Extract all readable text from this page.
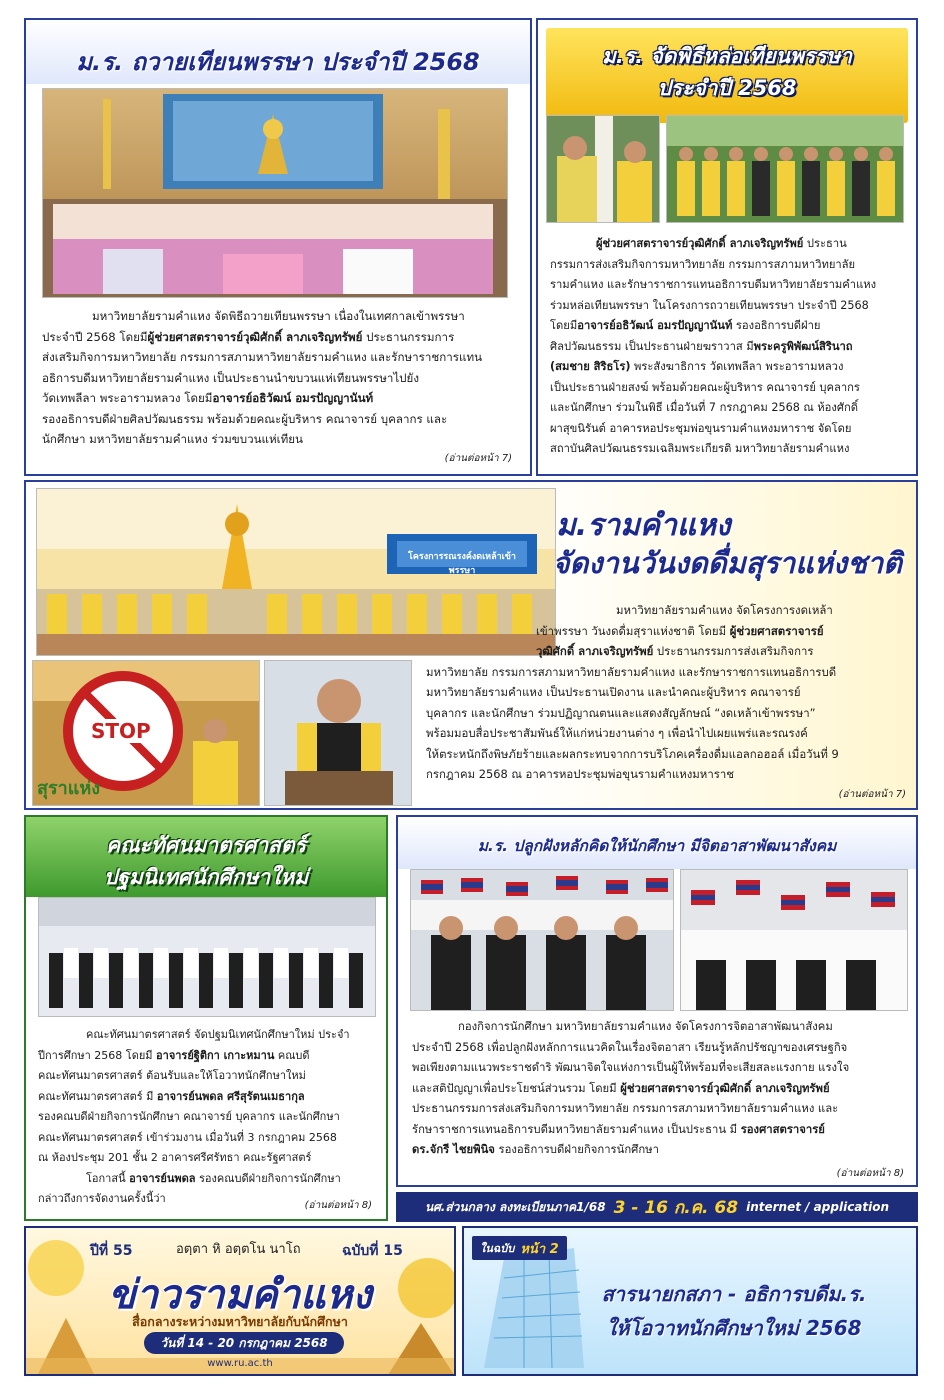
ม.ร. ถวายเทียนพรรษา ประจำปี 2568
มหาวิทยาลัยรามคำแหง จัดพิธีถวายเทียนพรรษา เนื่องในเทศกาลเข้าพรรษา
ประจำปี 2568 โดยมีผู้ช่วยศาสตราจารย์วุฒิศักดิ์ ลาภเจริญทรัพย์ ประธานกรรมการ
ส่งเสริมกิจการมหาวิทยาลัย กรรมการสภามหาวิทยาลัยรามคำแหง และรักษาราชการแทน
อธิการบดีมหาวิทยาลัยรามคำแหง เป็นประธานนำขบวนแห่เทียนพรรษาไปยัง
วัดเทพลีลา พระอารามหลวง โดยมีอาจารย์อธิวัฒน์ อมรปัญญานันท์
รองอธิการบดีฝ่ายศิลปวัฒนธรรม พร้อมด้วยคณะผู้บริหาร คณาจารย์ บุคลากร และ
นักศึกษา มหาวิทยาลัยรามคำแหง ร่วมขบวนแห่เทียน
(อ่านต่อหน้า 7)
ม.ร. จัดพิธีหล่อเทียนพรรษา
ประจำปี 2568
ผู้ช่วยศาสตราจารย์วุฒิศักดิ์ ลาภเจริญทรัพย์ ประธาน
กรรมการส่งเสริมกิจการมหาวิทยาลัย กรรมการสภามหาวิทยาลัย
รามคำแหง และรักษาราชการแทนอธิการบดีมหาวิทยาลัยรามคำแหง
ร่วมหล่อเทียนพรรษา ในโครงการถวายเทียนพรรษา ประจำปี 2568
โดยมีอาจารย์อธิวัฒน์ อมรปัญญานันท์ รองอธิการบดีฝ่าย
ศิลปวัฒนธรรม เป็นประธานฝ่ายฆราวาส มีพระครูพิพัฒน์สิรินาถ
(สมชาย สิริธโร) พระสังฆาธิการ วัดเทพลีลา พระอารามหลวง
เป็นประธานฝ่ายสงฆ์ พร้อมด้วยคณะผู้บริหาร คณาจารย์ บุคลากร
และนักศึกษา ร่วมในพิธี เมื่อวันที่ 7 กรกฎาคม 2568 ณ ห้องศักดิ์
ผาสุขนิรันต์ อาคารหอประชุมพ่อขุนรามคำแหงมหาราช จัดโดย
สถาบันศิลปวัฒนธรรมเฉลิมพระเกียรติ มหาวิทยาลัยรามคำแหง
โครงการรณรงค์งดเหล้าเข้าพรรษา
ม.รามคำแหง
จัดงานวันงดดื่มสุราแห่งชาติ
STOP
สุราแห่ง
มหาวิทยาลัยรามคำแหง จัดโครงการงดเหล้า
เข้าพรรษา วันงดดื่มสุราแห่งชาติ โดยมี ผู้ช่วยศาสตราจารย์
วุฒิศักดิ์ ลาภเจริญทรัพย์ ประธานกรรมการส่งเสริมกิจการ
มหาวิทยาลัย กรรมการสภามหาวิทยาลัยรามคำแหง และรักษาราชการแทนอธิการบดี
มหาวิทยาลัยรามคำแหง เป็นประธานเปิดงาน และนำคณะผู้บริหาร คณาจารย์
บุคลากร และนักศึกษา ร่วมปฏิญาณตนและแสดงสัญลักษณ์ “งดเหล้าเข้าพรรษา”
พร้อมมอบสื่อประชาสัมพันธ์ให้แก่หน่วยงานต่าง ๆ เพื่อนำไปเผยแพร่และรณรงค์
ให้ตระหนักถึงพิษภัยร้ายและผลกระทบจากการบริโภคเครื่องดื่มแอลกอฮอล์ เมื่อวันที่ 9
กรกฎาคม 2568 ณ อาคารหอประชุมพ่อขุนรามคำแหงมหาราช
(อ่านต่อหน้า 7)
คณะทัศนมาตรศาสตร์
ปฐมนิเทศนักศึกษาใหม่
คณะทัศนมาตรศาสตร์ จัดปฐมนิเทศนักศึกษาใหม่ ประจำ
ปีการศึกษา 2568 โดยมี อาจารย์ฐิติกา เกาะหมาน คณบดี
คณะทัศนมาตรศาสตร์ ต้อนรับและให้โอวาทนักศึกษาใหม่
คณะทัศนมาตรศาสตร์ มี อาจารย์นพดล ศรีสุรัตนเมธากุล
รองคณบดีฝ่ายกิจการนักศึกษา คณาจารย์ บุคลากร และนักศึกษา
คณะทัศนมาตรศาสตร์ เข้าร่วมงาน เมื่อวันที่ 3 กรกฎาคม 2568
ณ ห้องประชุม 201 ชั้น 2 อาคารศรีศรัทธา คณะรัฐศาสตร์
โอกาสนี้ อาจารย์นพดล รองคณบดีฝ่ายกิจการนักศึกษา
กล่าวถึงการจัดงานครั้งนี้ว่า
(อ่านต่อหน้า 8)
ม.ร. ปลูกฝังหลักคิดให้นักศึกษา มีจิตอาสาพัฒนาสังคม
กองกิจการนักศึกษา มหาวิทยาลัยรามคำแหง จัดโครงการจิตอาสาพัฒนาสังคม
ประจำปี 2568 เพื่อปลูกฝังหลักการแนวคิดในเรื่องจิตอาสา เรียนรู้หลักปรัชญาของเศรษฐกิจ
พอเพียงตามแนวพระราชดำริ พัฒนาจิตใจแห่งการเป็นผู้ให้พร้อมที่จะเสียสละแรงกาย แรงใจ
และสติปัญญาเพื่อประโยชน์ส่วนรวม โดยมี ผู้ช่วยศาสตราจารย์วุฒิศักดิ์ ลาภเจริญทรัพย์
ประธานกรรมการส่งเสริมกิจการมหาวิทยาลัย กรรมการสภามหาวิทยาลัยรามคำแหง และ
รักษาราชการแทนอธิการบดีมหาวิทยาลัยรามคำแหง เป็นประธาน มี รองศาสตราจารย์
ดร.จักรี ไชยพินิจ รองอธิการบดีฝ่ายกิจการนักศึกษา
(อ่านต่อหน้า 8)
นศ.ส่วนกลาง ลงทะเบียนภาค1/68 3 - 16 ก.ค. 68 internet / application
ปีที่ 55	อตฺตา หิ อตฺตโน นาโถ	ฉบับที่ 15
ข่าวรามคำแหง
สื่อกลางระหว่างมหาวิทยาลัยกับนักศึกษา
วันที่ 14 - 20 กรกฎาคม 2568
www.ru.ac.th
ในฉบับ หน้า 2
สารนายกสภา - อธิการบดีม.ร.
ให้โอวาทนักศึกษาใหม่ 2568
